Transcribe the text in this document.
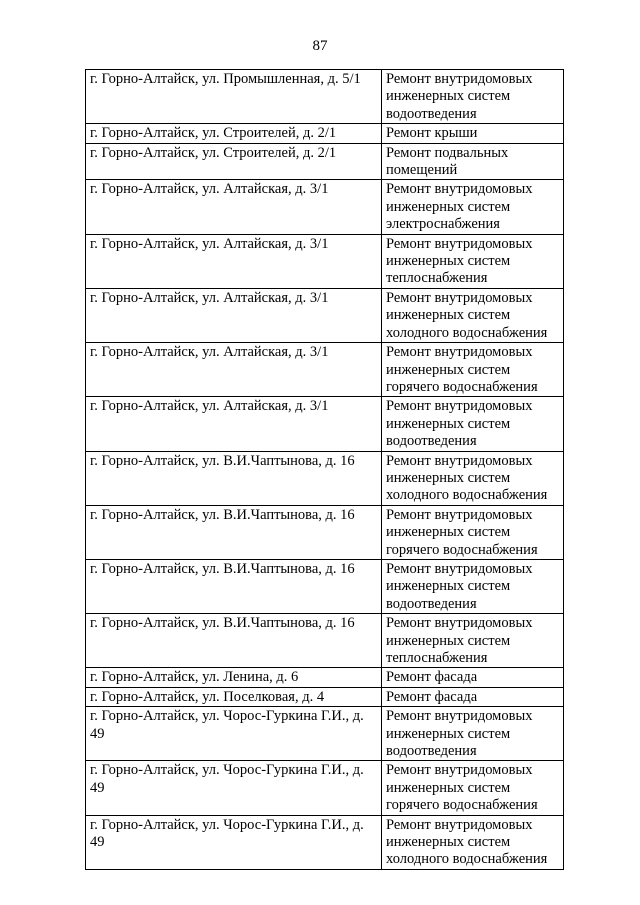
87
г. Горно-Алтайск, ул. Промышленная, д. 5/1	Ремонт внутридомовых инженерных систем водоотведения
г. Горно-Алтайск, ул. Строителей, д. 2/1	Ремонт крыши
г. Горно-Алтайск, ул. Строителей, д. 2/1	Ремонт подвальных помещений
г. Горно-Алтайск, ул. Алтайская, д. 3/1	Ремонт внутридомовых инженерных систем электроснабжения
г. Горно-Алтайск, ул. Алтайская, д. 3/1	Ремонт внутридомовых инженерных систем теплоснабжения
г. Горно-Алтайск, ул. Алтайская, д. 3/1	Ремонт внутридомовых инженерных систем холодного водоснабжения
г. Горно-Алтайск, ул. Алтайская, д. 3/1	Ремонт внутридомовых инженерных систем горячего водоснабжения
г. Горно-Алтайск, ул. Алтайская, д. 3/1	Ремонт внутридомовых инженерных систем водоотведения
г. Горно-Алтайск, ул. В.И.Чаптынова, д. 16	Ремонт внутридомовых инженерных систем холодного водоснабжения
г. Горно-Алтайск, ул. В.И.Чаптынова, д. 16	Ремонт внутридомовых инженерных систем горячего водоснабжения
г. Горно-Алтайск, ул. В.И.Чаптынова, д. 16	Ремонт внутридомовых инженерных систем водоотведения
г. Горно-Алтайск, ул. В.И.Чаптынова, д. 16	Ремонт внутридомовых инженерных систем теплоснабжения
г. Горно-Алтайск, ул. Ленина, д. 6	Ремонт фасада
г. Горно-Алтайск, ул. Поселковая, д. 4	Ремонт фасада
г. Горно-Алтайск, ул. Чорос-Гуркина Г.И., д. 49	Ремонт внутридомовых инженерных систем водоотведения
г. Горно-Алтайск, ул. Чорос-Гуркина Г.И., д. 49	Ремонт внутридомовых инженерных систем горячего водоснабжения
г. Горно-Алтайск, ул. Чорос-Гуркина Г.И., д. 49	Ремонт внутридомовых инженерных систем холодного водоснабжения
